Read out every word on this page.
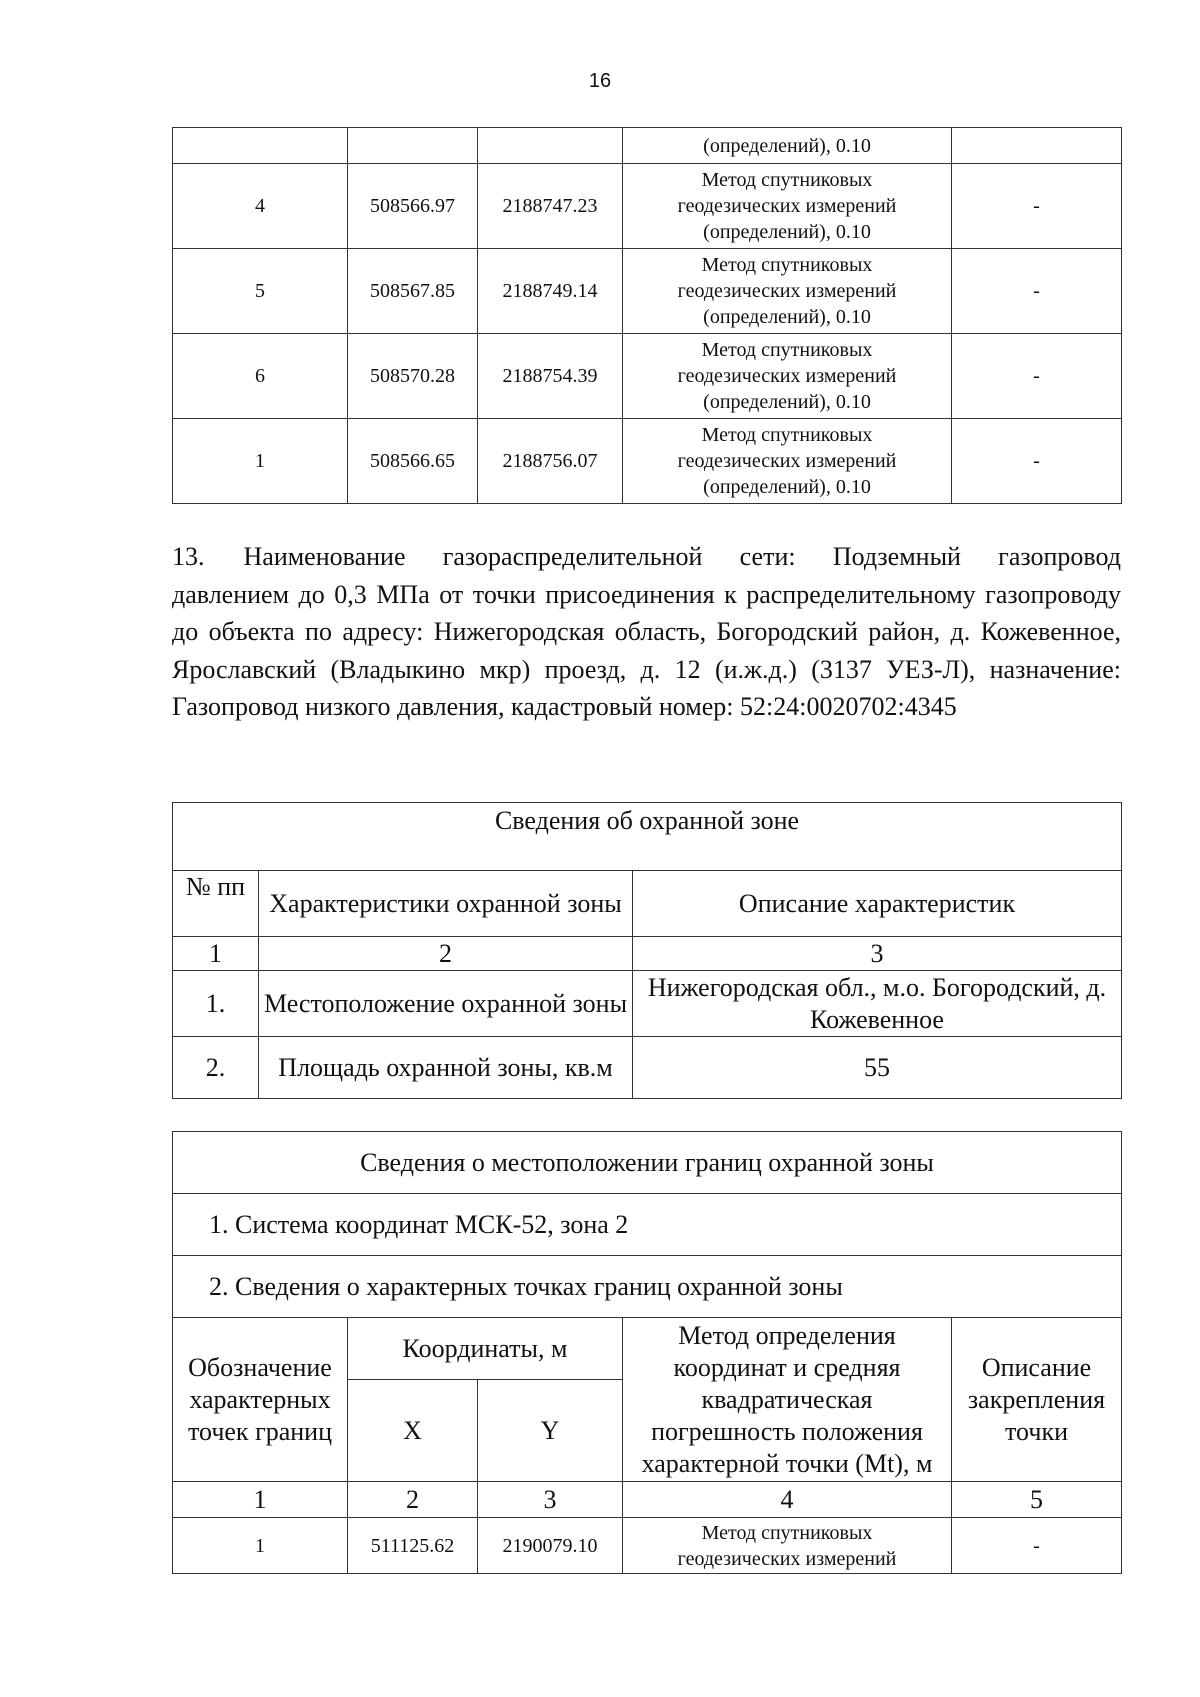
16
			(определений), 0.10	
4	508566.97	2188747.23	Метод спутниковых
геодезических измерений
(определений), 0.10	-
5	508567.85	2188749.14	Метод спутниковых
геодезических измерений
(определений), 0.10	-
6	508570.28	2188754.39	Метод спутниковых
геодезических измерений
(определений), 0.10	-
1	508566.65	2188756.07	Метод спутниковых
геодезических измерений
(определений), 0.10	-

13.  Наименование газораспределительной сети: Подземный газопровод давлением до 0,3 МПа от точки присоединения к распределительному газопроводу до объекта по адресу: Нижегородская область, Богородский район, д. Кожевенное, Ярославский (Владыкино мкр) проезд, д. 12 (и.ж.д.) (3137 УЕЗ-Л), назначение: Газопровод низкого давления, кадастровый номер: 52:24:0020702:4345

Сведения об охранной зоне		
№ пп	Характеристики охранной зоны	Описание характеристик
1	2	3
1.	Местоположение охранной зоны	Нижегородская обл., м.о. Богородский, д. Кожевенное
2.	Площадь охранной зоны, кв.м	55
Сведения о местоположении границ охранной зоны				
1. Система координат МСК-52, зона 2				
2. Сведения о характерных точках границ охранной зоны				
Обозначение характерных точек границ	Координаты, м		Метод определения координат и средняя квадратическая погрешность положения характерной точки (Mt), м	Описание закрепления точки
	X	Y		
1	2	3	4	5
1	511125.62	2190079.10	Метод спутниковых
геодезических измерений	-
